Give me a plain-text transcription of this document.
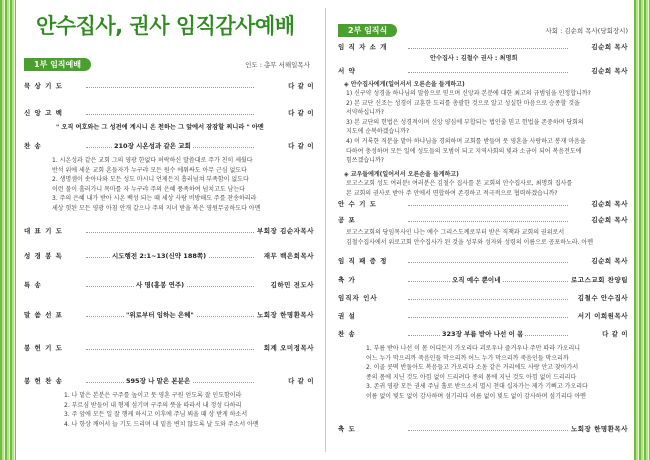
안수집사, 권사 임직감사예배
1부 임직예배	인도 : 총무 서해일목사
묵 상 기 도	다 같 이
신 앙 고 백	다 같 이
" 오직 여호와는 그 성전에 계시니 온 천하는 그 앞에서 잠잠할 찌니라 " 아멘
찬 송	210장 시온성과 같은 교회	다 같 이
1. 시온성과 같은 교회 그의 영광 한없다 허락하신 말씀대로 주가 친히 세웠다
반석 위에 세운 교회 흔들자가 누구랴 모든 원수 에워싸도 아무 근심 없도다
2. 생명샘이 솟아나와 모든 성도 마시니 언제든지 흡러넘쳐 부족함이 없도다
이런 물이 흘러가니 목마를 자 누구랴 주의 은혜 풍족하여 넘치고도 남는다
3. 주의 은혜 내가 받아 시온 백성 되는 때 세상 사람 비방해도 주를 찬송하리라
세상 헛된 모든 영광 아침 안개 같으나 주의 지녀 받을 복은 영원무궁하도다 아멘
대 표 기 도	부회장 김순자목사
성 경 봉 독	시도행전 2:1~13(신약 188쪽)	재무 백은희목사
특 송	사 명(홍봉 연주)	김하민 전도사
말 씀 선 포	"위로부터 임하는 은혜"	노회장 한명환목사
봉 헌 기 도	회계 오미정목사
봉 헌 찬 송	595장 나 맡은 본분은	다 같 이
1. 나 맡은 본분은 구주를 높이고 뭇 영혼 구원 얻도록 잘 인도함이라
2. 부르심 받들어 내 형제 섬기며 구주의 뜻을 따라서 내 정성 다하리
3. 주 앞에 모든 일 잘 행케 하시고 이후에 주님 뵈올 때 상 받게 하소서
4. 나 항상 깨어서 늘 기도 드리며 내 밑음 변치 않도록 날 도와 주소서 아멘
2부 임직식	사회 : 김순희 목사(당회장시)
임 직 자 소 개	김순희 목사
안수집사 : 김철수 권사 : 최명희
서 약	김순희 목사
◈ 안수집사에게(일어서서 오른손을 들게하고)
1) 신구약 성경을 하나님의 말씀으로 믿으며 신앙과 본분에 대한 최고의 규범임을 인정합니까?
2) 본 교단 신조는 성경이 교훈한 도리를 총괄한 것으로 알고 성실한 마음으로 승종할 것을
서약하십니까?
3) 본 교단의 헌법은 성경적이며 신앙 양심에 부합되는 법인줄 믿고 헌법을 존중하며 당회의
지도에 순복하겠습니까?
4) 이 거룩한 직분을 맡아 하나님을 경외하며 교회를 받들며 뭇 영혼을 사랑하고 봉재 마음을
다하여 충성하며 모든 일에 성도들의 모범이 되고 지역사회의 빛과 소금이 되어 복음전도에
힘쓰겠습니까?
◈ 교우들에게(일어서서 오른손을 들게하고)
로고스교회 성도 여러분! 여러분은 김철수 집사를 본 교회의 안수집사로, 최명희 집사를
본 교회의 권사로 받아 주 안에서 면합하여 존경하고 적극적으로 협력하겠습니까?
안 수 기 도	김순희 목사
공 포	김순희 목사
로고스교회의 당임목사인 나는 예수 그리스도께로부터 받은 직책과 교회의 권위로서
김철수집사에서 위로고회 안수집사가 된 것을 성부와 성자와 성령의 이름으로 공포하노라. 아멘
임 직 패 증 정	김순희 목사
축 가	오직 예수 뿐이네	로고스교회 찬양팀
임직자 인사	김철수 안수집사
권 설	서기 이희원목사
찬 송	323장 부름 받아 나선 이 몸	다 같 이
1. 부름 받아 나선 이 몸 어디든지 가오리다 괴로우나 즐거우나 주만 따라 가오리니
어느 누가 막으리까 죽음인들 막으리까 어느 누가 막으리까 죽음인들 막으리까
2. 이골 콧떡 반돌아도 복음들고 가오리다 소돔 같은 거리에도 사랑 안고 찾아가서
종의 몸에 지닌 것도 아낌 없이 드리려다 종의 몸에 지닌 것도 아낌 없이 드리리다
3. 존귀 영광 모든 권세 주님 홀로 받으소서 멸시 천대 십자가는 제가 기뻐고 가오리다
이름 없이 빛도 없이 감사하며 섬기리다 이름 없이 빛도 없이 감사하며 섬기리다 아멘
축 도	노회장 한명환목사
